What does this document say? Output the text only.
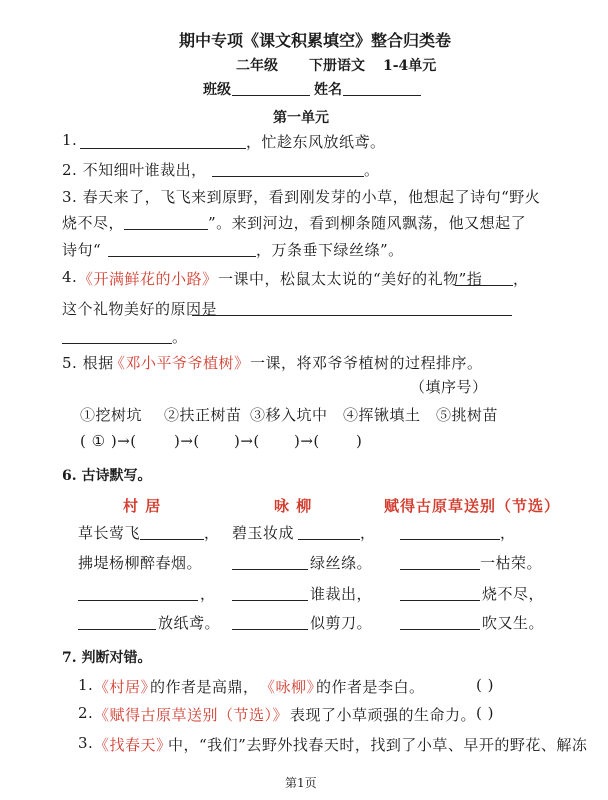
期中专项《课文积累填空》整合归类卷
二年级 下册语文 1-4单元
班级	姓名
第一单元
1.	，忙趁东风放纸鸢。
2. 不知细叶谁裁出，	。
3. 春天来了，飞飞来到原野，看到刚发芽的小草，他想起了诗句“野火
烧不尽，	”。来到河边，看到柳条随风飘荡，他又想起了
诗句“	，万条垂下绿丝绦”。
4. 《开满鲜花的小路》 一课中，松鼠太太说的“美好的礼物”指 ，
这个礼物美好的原因是
。
5. 根据
《邓小平爷爷植树》 一课，将邓爷爷植树的过程排序。
（填序号）
①挖树坑 ②扶正树苗 ③移入坑中 ④挥锹填土 ⑤挑树苗
( ① )→( )→( )→( )→( )
6. 古诗默写。
村 居	咏 柳	赋得古原草送别（节选）
草长莺飞	， 碧玉妆成	，	，
拂堤杨柳醉春烟。	绿丝绦。	一枯荣。
，	谁裁出，	烧不尽，
放纸鸢。	似剪刀。	吹又生。
7. 判断对错。
1. 《村居》
的作者是高鼎， 《咏柳》
的作者是李白。	( )
2. 《赋得古原草送别（节选）》 表现了小草顽强的生命力。 ( )
3. 《找春天》
中，“我们”去野外找春天时，找到了小草、早开的野花、解冻
第1页
